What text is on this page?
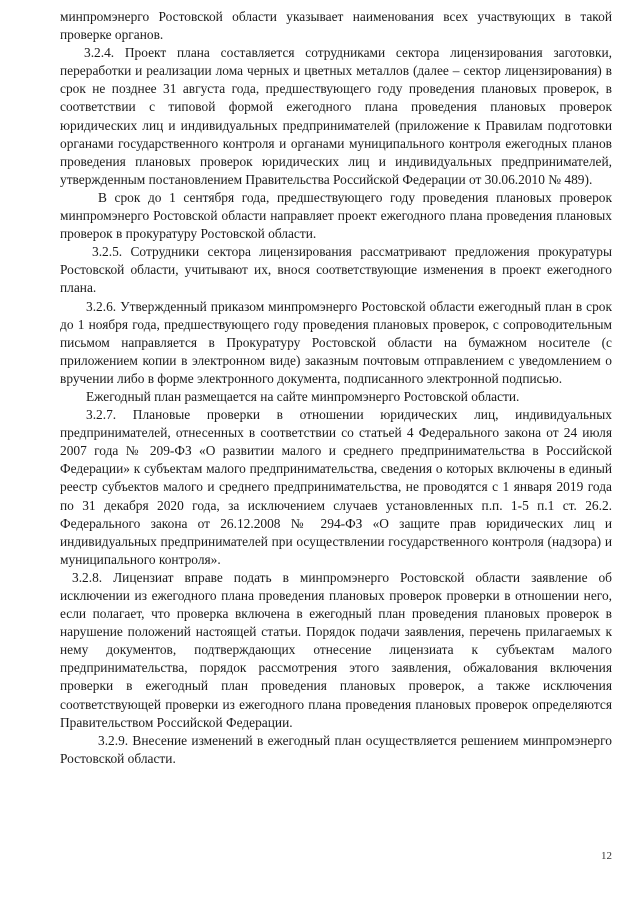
минпромэнерго Ростовской области указывает наименования всех участвующих в такой проверке органов.

3.2.4. Проект плана составляется сотрудниками сектора лицензирования заготовки, переработки и реализации лома черных и цветных металлов (далее – сектор лицензирования) в срок не позднее 31 августа года, предшествующего году проведения плановых проверок, в соответствии с типовой формой ежегодного плана проведения плановых проверок юридических лиц и индивидуальных предпринимателей (приложение к Правилам подготовки органами государственного контроля и органами муниципального контроля ежегодных планов проведения плановых проверок юридических лиц и индивидуальных предпринимателей, утвержденным постановлением Правительства Российской Федерации от 30.06.2010 № 489).

В срок до 1 сентября года, предшествующего году проведения плановых проверок минпромэнерго Ростовской области направляет проект ежегодного плана проведения плановых проверок в прокуратуру Ростовской области.

3.2.5. Сотрудники сектора лицензирования рассматривают предложения прокуратуры Ростовской области, учитывают их, внося соответствующие изменения в проект ежегодного плана.

3.2.6. Утвержденный приказом минпромэнерго Ростовской области ежегодный план в срок до 1 ноября года, предшествующего году проведения плановых проверок, с сопроводительным письмом направляется в Прокуратуру Ростовской области на бумажном носителе (с приложением копии в электронном виде) заказным почтовым отправлением с уведомлением о вручении либо в форме электронного документа, подписанного электронной подписью.

Ежегодный план размещается на сайте минпромэнерго Ростовской области.

3.2.7. Плановые проверки в отношении юридических лиц, индивидуальных предпринимателей, отнесенных в соответствии со статьей 4 Федерального закона от 24 июля 2007 года № 209-ФЗ «О развитии малого и среднего предпринимательства в Российской Федерации» к субъектам малого предпринимательства, сведения о которых включены в единый реестр субъектов малого и среднего предпринимательства, не проводятся с 1 января 2019 года по 31 декабря 2020 года, за исключением случаев установленных п.п. 1-5 п.1 ст. 26.2. Федерального закона от 26.12.2008 № 294-ФЗ «О защите прав юридических лиц и индивидуальных предпринимателей при осуществлении государственного контроля (надзора) и муниципального контроля».

3.2.8. Лицензиат вправе подать в минпромэнерго Ростовской области заявление об исключении из ежегодного плана проведения плановых проверок проверки в отношении него, если полагает, что проверка включена в ежегодный план проведения плановых проверок в нарушение положений настоящей статьи. Порядок подачи заявления, перечень прилагаемых к нему документов, подтверждающих отнесение лицензиата к субъектам малого предпринимательства, порядок рассмотрения этого заявления, обжалования включения проверки в ежегодный план проведения плановых проверок, а также исключения соответствующей проверки из ежегодного плана проведения плановых проверок определяются Правительством Российской Федерации.

3.2.9. Внесение изменений в ежегодный план осуществляется решением минпромэнерго Ростовской области.

12
